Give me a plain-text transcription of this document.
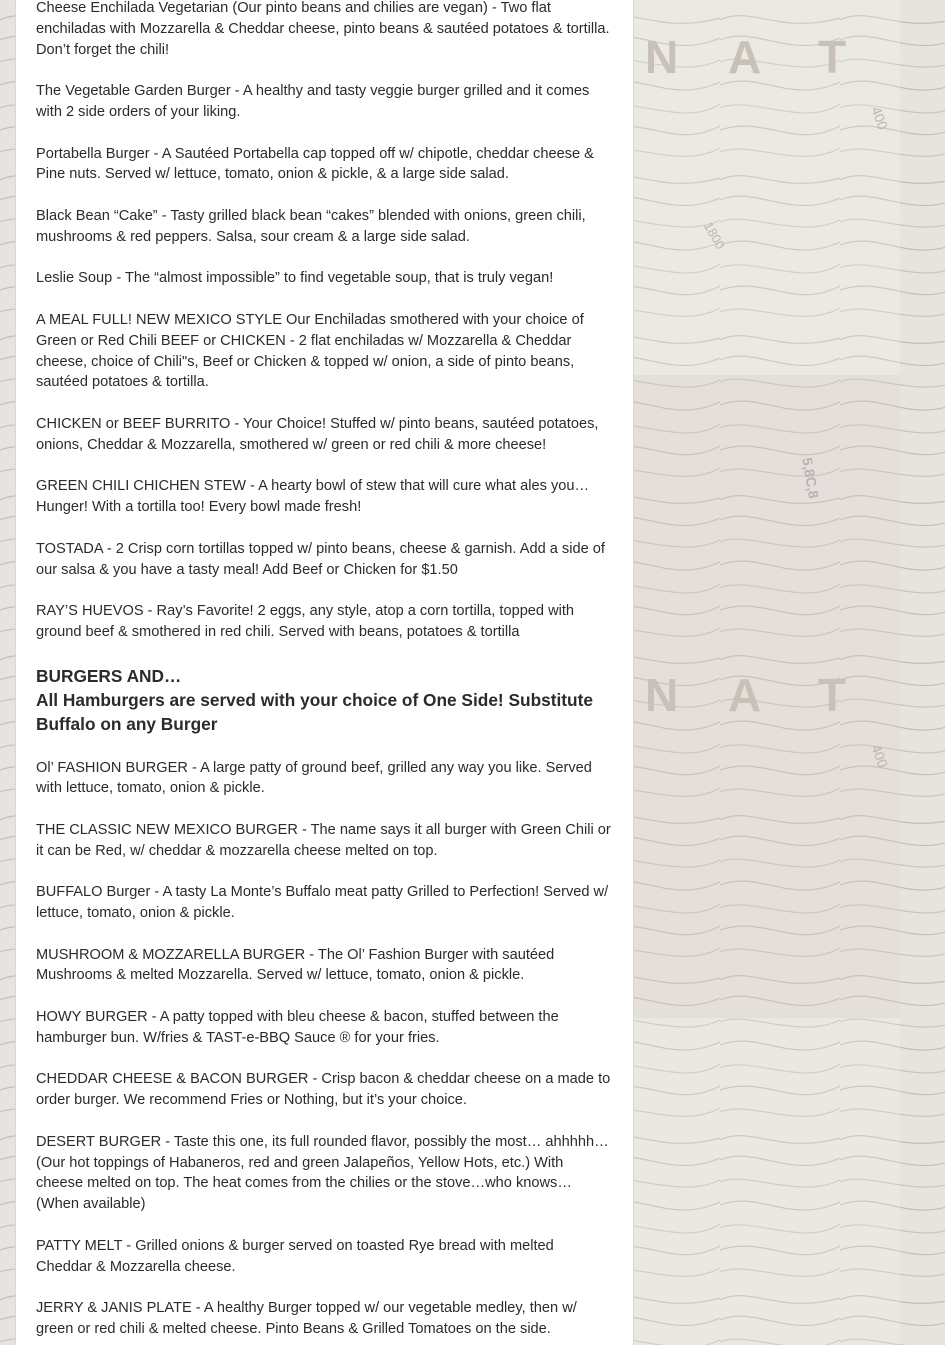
N A T
N A T
400
1800
5,8C,8
400

Cheese Enchilada Vegetarian (Our pinto beans and chilies are vegan) - Two flat enchiladas with Mozzarella & Cheddar cheese, pinto beans & sautéed potatoes & tortilla. Don’t forget the chili!

The Vegetable Garden Burger - A healthy and tasty veggie burger grilled and it comes with 2 side orders of your liking.

Portabella Burger - A Sautéed Portabella cap topped off w/ chipotle, cheddar cheese & Pine nuts. Served w/ lettuce, tomato, onion & pickle, & a large side salad.

Black Bean “Cake” - Tasty grilled black bean “cakes” blended with onions, green chili, mushrooms & red peppers. Salsa, sour cream & a large side salad.

Leslie Soup - The “almost impossible” to find vegetable soup, that is truly vegan!

A MEAL FULL! NEW MEXICO STYLE Our Enchiladas smothered with your choice of Green or Red Chili BEEF or CHICKEN - 2 flat enchiladas w/ Mozzarella & Cheddar cheese, choice of Chili"s, Beef or Chicken & topped w/ onion, a side of pinto beans, sautéed potatoes & tortilla.

CHICKEN or BEEF BURRITO - Your Choice! Stuffed w/ pinto beans, sautéed potatoes, onions, Cheddar & Mozzarella, smothered w/ green or red chili & more cheese!

GREEN CHILI CHICHEN STEW - A hearty bowl of stew that will cure what ales you… Hunger! With a tortilla too! Every bowl made fresh!

TOSTADA - 2 Crisp corn tortillas topped w/ pinto beans, cheese & garnish. Add a side of our salsa & you have a tasty meal! Add Beef or Chicken for $1.50

RAY’S HUEVOS - Ray’s Favorite! 2 eggs, any style, atop a corn tortilla, topped with ground beef & smothered in red chili. Served with beans, potatoes & tortilla

BURGERS AND…
All Hamburgers are served with your choice of One Side! Substitute Buffalo on any Burger

Ol’ FASHION BURGER - A large patty of ground beef, grilled any way you like. Served with lettuce, tomato, onion & pickle.

THE CLASSIC NEW MEXICO BURGER - The name says it all burger with Green Chili or it can be Red, w/ cheddar & mozzarella cheese melted on top.

BUFFALO Burger - A tasty La Monte’s Buffalo meat patty Grilled to Perfection! Served w/ lettuce, tomato, onion & pickle.

MUSHROOM & MOZZARELLA BURGER - The Ol’ Fashion Burger with sautéed Mushrooms & melted Mozzarella. Served w/ lettuce, tomato, onion & pickle.

HOWY BURGER - A patty topped with bleu cheese & bacon, stuffed between the hamburger bun. W/fries & TAST-e-BBQ Sauce ® for your fries.

CHEDDAR CHEESE & BACON BURGER - Crisp bacon & cheddar cheese on a made to order burger. We recommend Fries or Nothing, but it’s your choice.

DESERT BURGER - Taste this one, its full rounded flavor, possibly the most… ahhhhh… (Our hot toppings of Habaneros, red and green Jalapeños, Yellow Hots, etc.) With cheese melted on top. The heat comes from the chilies or the stove…who knows…(When available)

PATTY MELT - Grilled onions & burger served on toasted Rye bread with melted Cheddar & Mozzarella cheese.

JERRY & JANIS PLATE - A healthy Burger topped w/ our vegetable medley, then w/ green or red chili & melted cheese. Pinto Beans & Grilled Tomatoes on the side.
